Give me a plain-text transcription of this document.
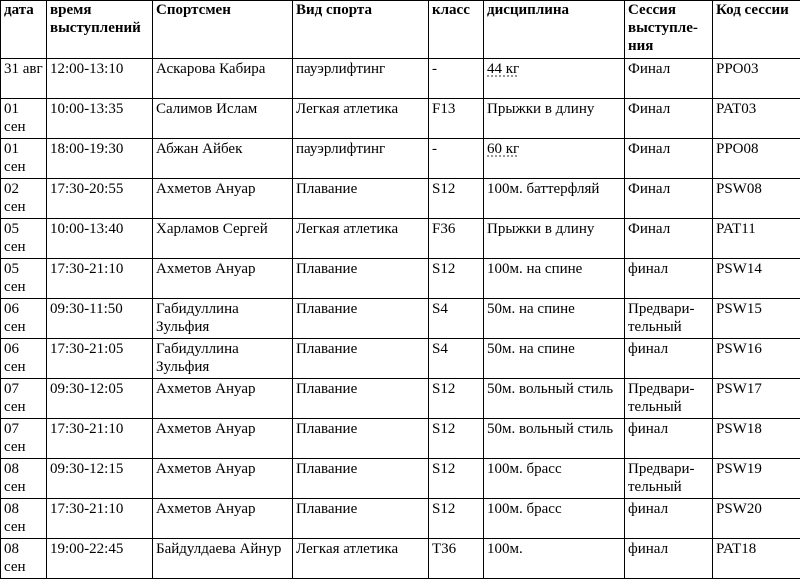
дата	время выступлений	Спортсмен	Вид спорта	класс	дисциплина	Сессия выступления	Код сессии
31 авг	12:00-13:10	Аскарова Кабира	пауэрлифтинг	-	44 кг	Финал	PPO03
01 сен	10:00-13:35	Салимов Ислам	Легкая атлетика	F13	Прыжки в длину	Финал	PAT03
01 сен	18:00-19:30	Абжан Айбек	пауэрлифтинг	-	60 кг	Финал	PPO08
02 сен	17:30-20:55	Ахметов Ануар	Плавание	S12	100м. баттерфляй	Финал	PSW08
05 сен	10:00-13:40	Харламов Сергей	Легкая атлетика	F36	Прыжки в длину	Финал	PAT11
05 сен	17:30-21:10	Ахметов Ануар	Плавание	S12	100м. на спине	финал	PSW14
06 сен	09:30-11:50	Габидуллина Зульфия	Плавание	S4	50м. на спине	Предварительный	PSW15
06 сен	17:30-21:05	Габидуллина Зульфия	Плавание	S4	50м. на спине	финал	PSW16
07 сен	09:30-12:05	Ахметов Ануар	Плавание	S12	50м. вольный стиль	Предварительный	PSW17
07 сен	17:30-21:10	Ахметов Ануар	Плавание	S12	50м. вольный стиль	финал	PSW18
08 сен	09:30-12:15	Ахметов Ануар	Плавание	S12	100м. брасс	Предварительный	PSW19
08 сен	17:30-21:10	Ахметов Ануар	Плавание	S12	100м. брасс	финал	PSW20
08 сен	19:00-22:45	Байдулдаева Айнур	Легкая атлетика	T36	100м.	финал	PAT18
